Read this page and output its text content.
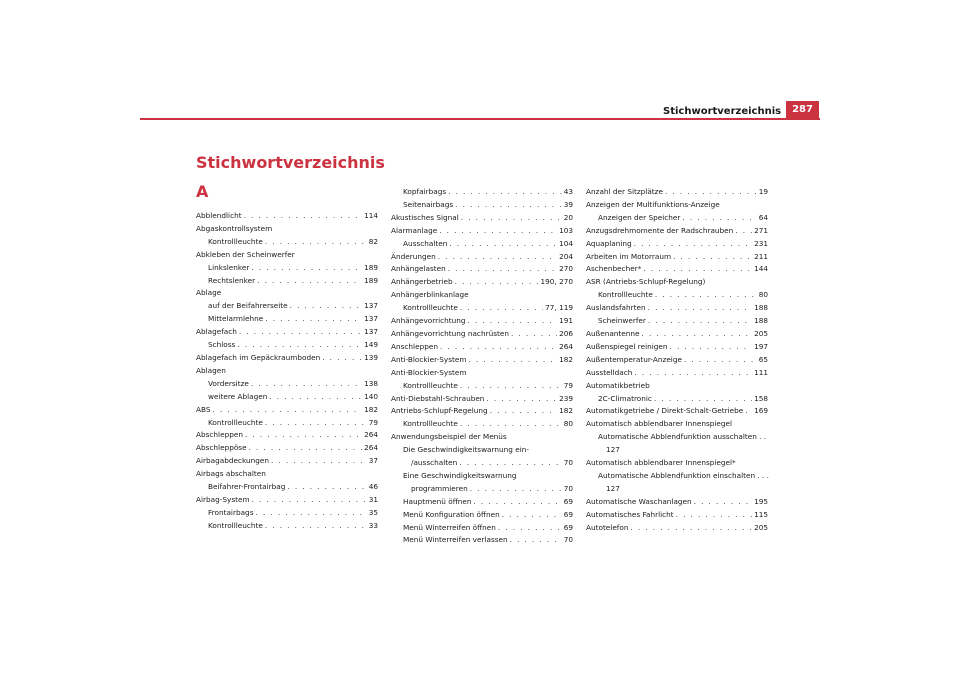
Stichwortverzeichnis	287
Stichwortverzeichnis
A
Abblendlicht . . .	114
Abgaskontrollsystem
Kontrollleuchte . . .	82
Abkleben der Scheinwerfer
Linkslenker . . .	189
Rechtslenker . . .	189
Ablage
auf der Beifahrerseite . . .	137
Mittelarmlehne . . .	137
Ablagefach . . .	137
Schloss . . .	149
Ablagefach im Gepäckraumboden . . .	139
Ablagen
Vordersitze . . .	138
weitere Ablagen . . .	140
ABS . . .	182
Kontrollleuchte . . .	79
Abschleppen . . .	264
Abschleppöse . . .	264
Airbagabdeckungen . . .	37
Airbags abschalten
Beifahrer-Frontairbag . . .	46
Airbag-System . . .	31
Frontairbags . . .	35
Kontrollleuchte . . .	33
Kopfairbags . . .	43
Seitenairbags . . .	39
Akustisches Signal . . .	20
Alarmanlage . . .	103
Ausschalten . . .	104
Änderungen . . .	204
Anhängelasten . . .	270
Anhängerbetrieb . . .	190, 270
Anhängerblinkanlage
Kontrollleuchte . . .	77, 119
Anhängevorrichtung . . .	191
Anhängevorrichtung nachrüsten . . .	206
Anschleppen . . .	264
Anti-Blockier-System . . .	182
Anti-Blockier-System
Kontrollleuchte . . .	79
Anti-Diebstahl-Schrauben . . .	239
Antriebs-Schlupf-Regelung . . .	182
Kontrollleuchte . . .	80
Anwendungsbeispiel der Menüs
Die Geschwindigkeitswarnung ein-
/ausschalten . . .	70
Eine Geschwindigkeitswarnung
programmieren . . .	70
Hauptmenü öffnen . . .	69
Menü Konfiguration öffnen . . .	69
Menü Winterreifen öffnen . . .	69
Menü Winterreifen verlassen . . .	70
Anzahl der Sitzplätze . . .	19
Anzeigen der Multifunktions-Anzeige
Anzeigen der Speicher . . .	64
Anzugsdrehmomente der Radschrauben . . .	271
Aquaplaning . . .	231
Arbeiten im Motorraum . . .	211
Aschenbecher* . . .	144
ASR (Antriebs-Schlupf-Regelung)
Kontrollleuchte . . .	80
Auslandsfahrten . . .	188
Scheinwerfer . . .	188
Außenantenne . . .	205
Außenspiegel reinigen . . .	197
Außentemperatur-Anzeige . . .	65
Ausstelldach . . .	111
Automatikbetrieb
2C-Climatronic . . .	158
Automatikgetriebe / Direkt-Schalt-Getriebe . . . 169
Automatisch abblendbarer Innenspiegel
Automatische Abblendfunktion ausschalten . .
127
Automatisch abblendbarer Innenspiegel*
Automatische Abblendfunktion einschalten . . .
127
Automatische Waschanlagen . . .	195
Automatisches Fahrlicht . . .	115
Autotelefon . . .	205
